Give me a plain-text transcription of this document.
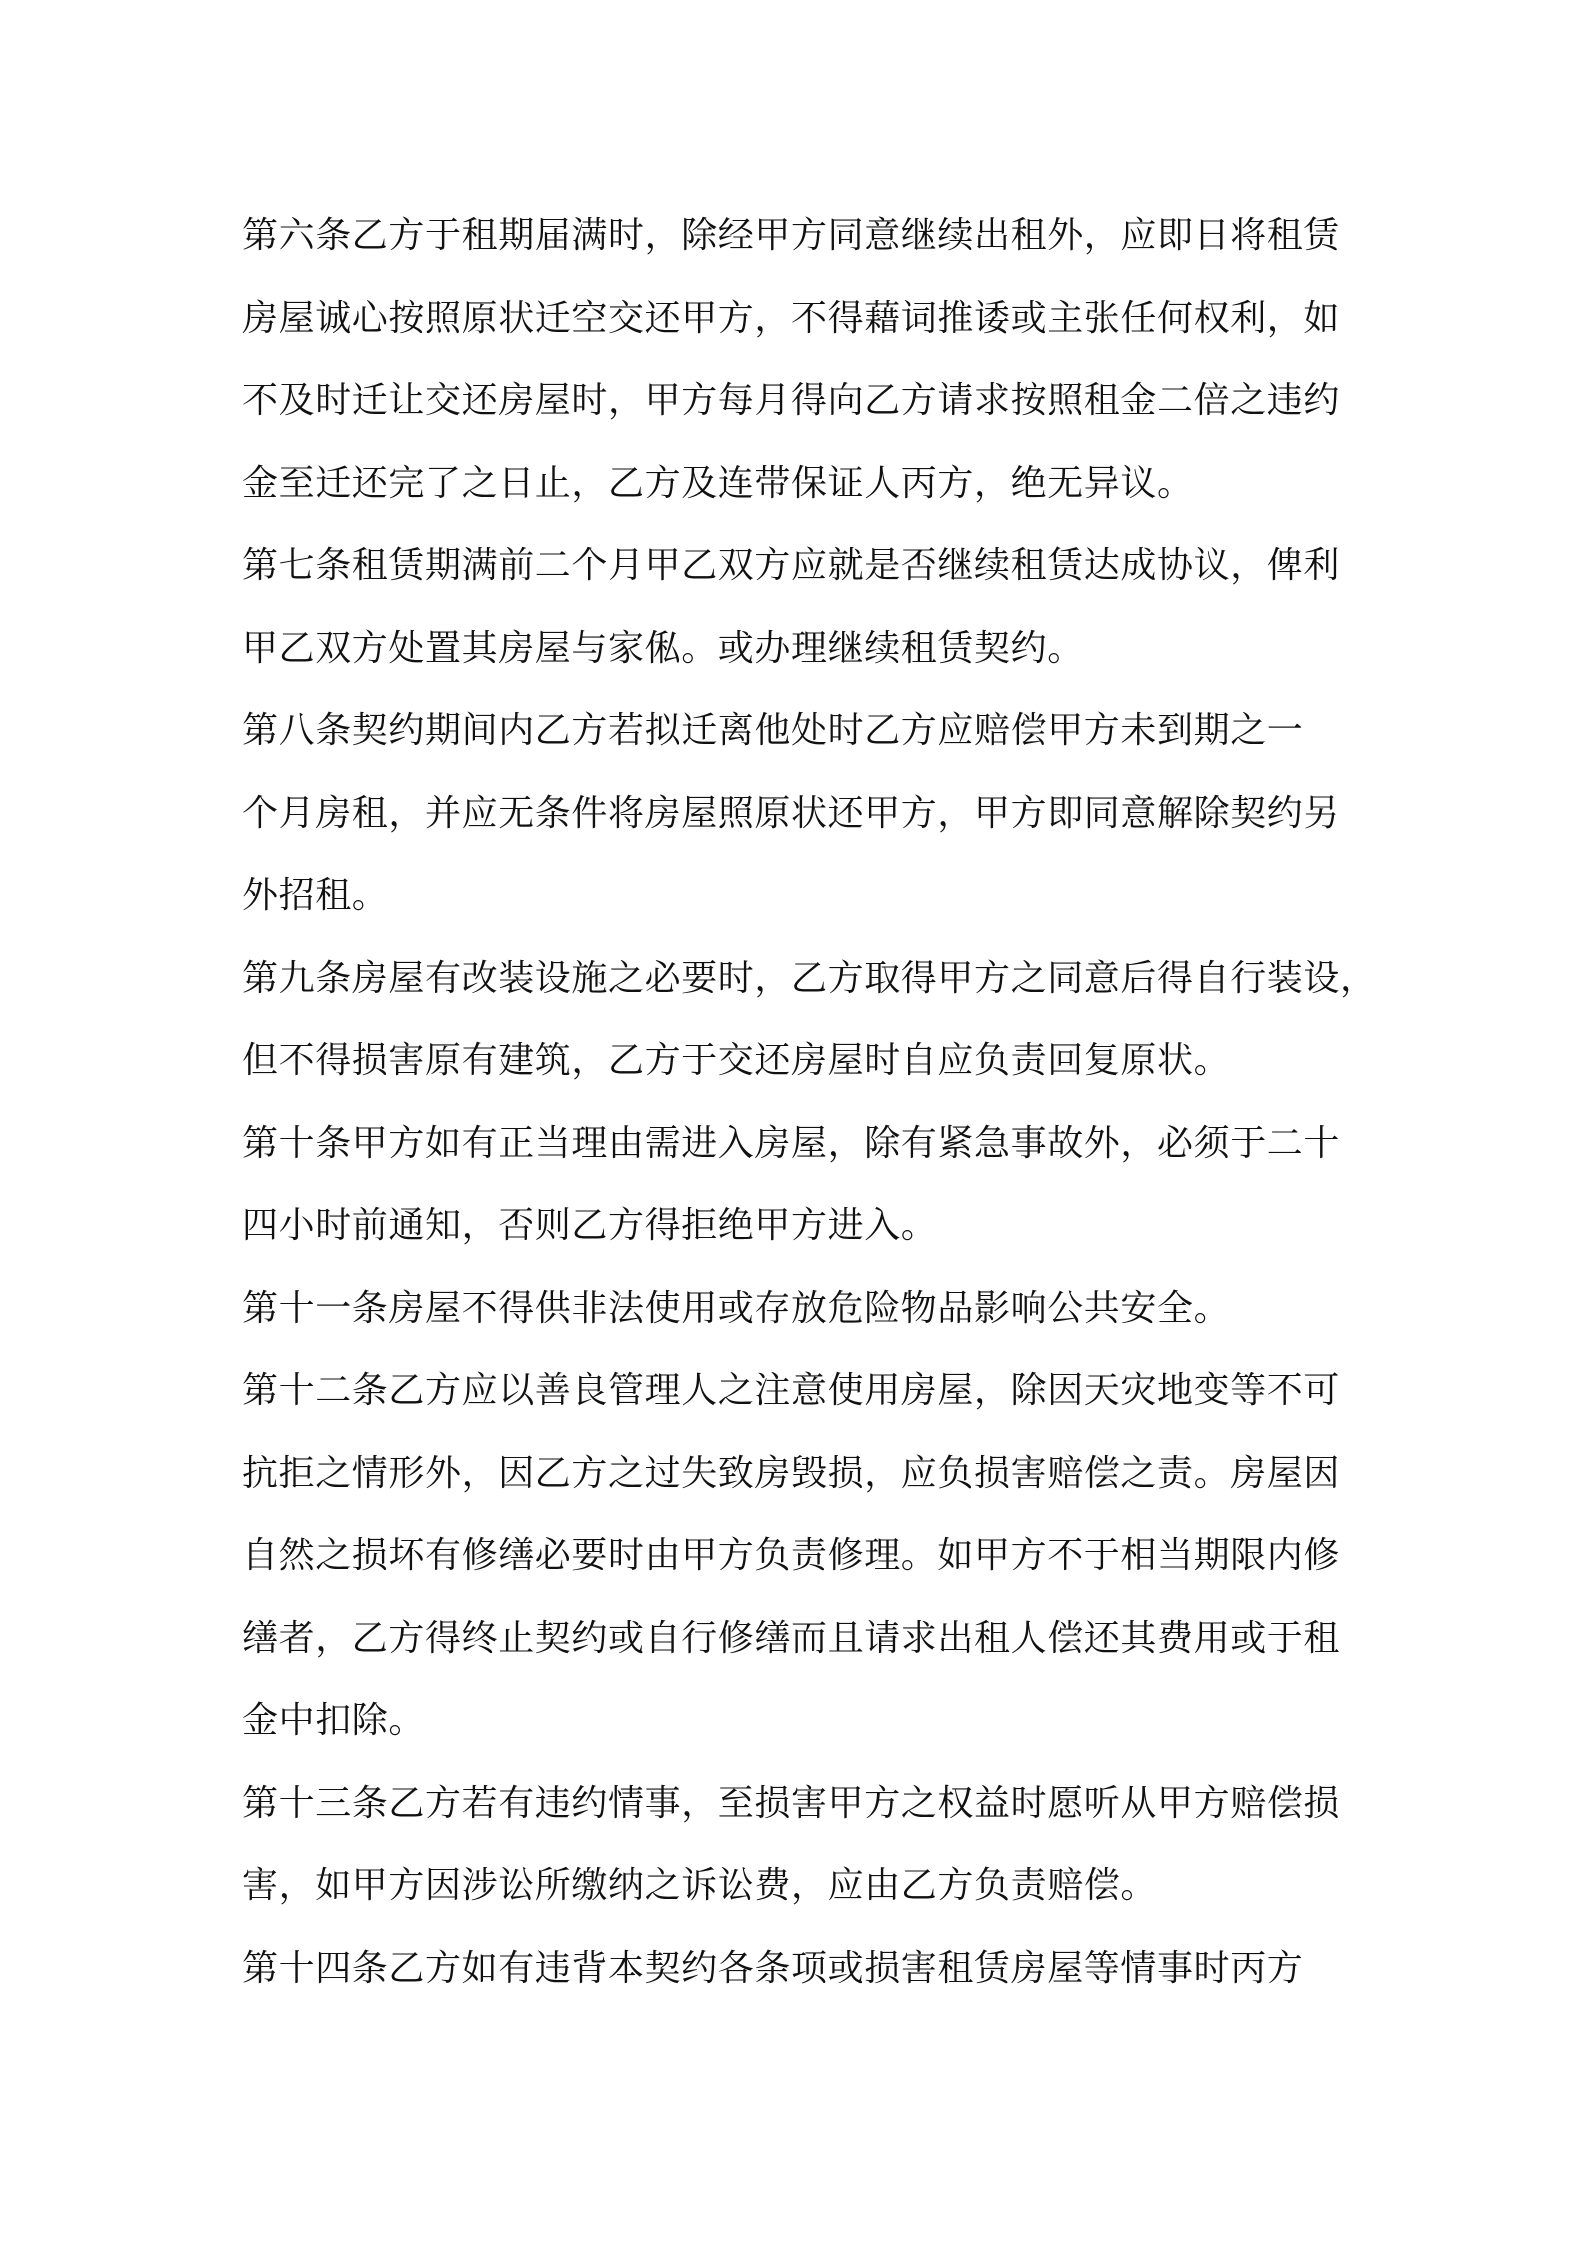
第六条乙方于租期届满时，除经甲方同意继续出租外，应即日将租赁
房屋诚心按照原状迁空交还甲方，不得藉词推诿或主张任何权利，如
不及时迁让交还房屋时，甲方每月得向乙方请求按照租金二倍之违约
金至迁还完了之日止，乙方及连带保证人丙方，绝无异议。
第七条租赁期满前二个月甲乙双方应就是否继续租赁达成协议，俾利
甲乙双方处置其房屋与家俬。或办理继续租赁契约。
第八条契约期间内乙方若拟迁离他处时乙方应赔偿甲方未到期之一
个月房租，并应无条件将房屋照原状还甲方，甲方即同意解除契约另
外招租。
第九条房屋有改装设施之必要时，乙方取得甲方之同意后得自行装设，
但不得损害原有建筑，乙方于交还房屋时自应负责回复原状。
第十条甲方如有正当理由需进入房屋，除有紧急事故外，必须于二十
四小时前通知，否则乙方得拒绝甲方进入。
第十一条房屋不得供非法使用或存放危险物品影响公共安全。
第十二条乙方应以善良管理人之注意使用房屋，除因天灾地变等不可
抗拒之情形外，因乙方之过失致房毁损，应负损害赔偿之责。房屋因
自然之损坏有修缮必要时由甲方负责修理。如甲方不于相当期限内修
缮者，乙方得终止契约或自行修缮而且请求出租人偿还其费用或于租
金中扣除。
第十三条乙方若有违约情事，至损害甲方之权益时愿听从甲方赔偿损
害，如甲方因涉讼所缴纳之诉讼费，应由乙方负责赔偿。
第十四条乙方如有违背本契约各条项或损害租赁房屋等情事时丙方
